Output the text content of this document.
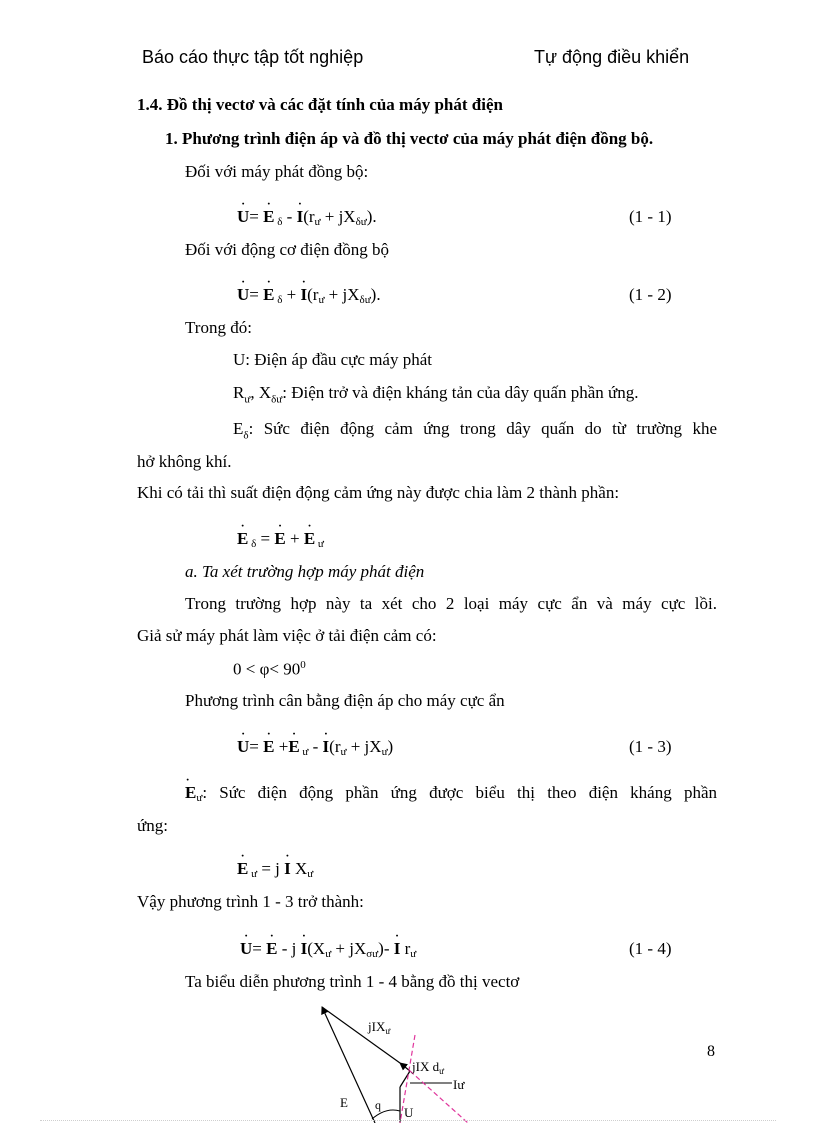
Báo cáo thực tập tốt nghiệp	Tự động điều khiển
1.4. Đồ thị vectơ và các đặt tính của máy phát điện
1. Phương trình điện áp và đồ thị vectơ của máy phát điện đồng bộ.
Đối với máy phát đồng bộ:
· U= · E $_\delta$ - · $I(r_ư + jX_{\delta ư})$.	(1 - 1)
Đối với động cơ điện đồng bộ
· U= · E $_\delta$ + · $I(r_ư + jX_{\delta ư})$.	(1 - 2)
Trong đó:
U: Điện áp đầu cực máy phát
$R_ư$, $X_{\delta ư}$: Điện trở và điện kháng tản của dây quấn phần ứng.
$E_\delta$: Sức điện động cảm ứng trong dây quấn do từ trường khe
hở không khí.
Khi có tải thì suất điện động cảm ứng này được chia làm 2 thành phần:
· E $_\delta$ = · E + · E $_ư$
a. Ta xét trường hợp máy phát điện
Trong trường hợp này ta xét cho 2 loại máy cực ẩn và máy cực lồi.
Giả sử máy phát làm việc ở tải điện cảm có:
$0 < \varphi< 90^0$
Phương trình cân bằng điện áp cho máy cực ẩn
· U= · E +· E $_ư$ - · $I(r_ư + jX_ư)$	(1 - 3)
· $E_ư$: Sức điện động phần ứng được biểu thị theo điện kháng phần
ứng:
· E $_ư$ = j · I $X_ư$
Vậy phương trình 1 - 3 trở thành:
· $U= \cdot E - j \cdot I(X_ư + jX_{\sigma ư})- \cdot I$ $r_ư$	(1 - 4)
Ta biểu diễn phương trình 1 - 4 bằng đồ thị vectơ
8
jIX$_ư$
jIX $d_ư$
Iư
E q U
